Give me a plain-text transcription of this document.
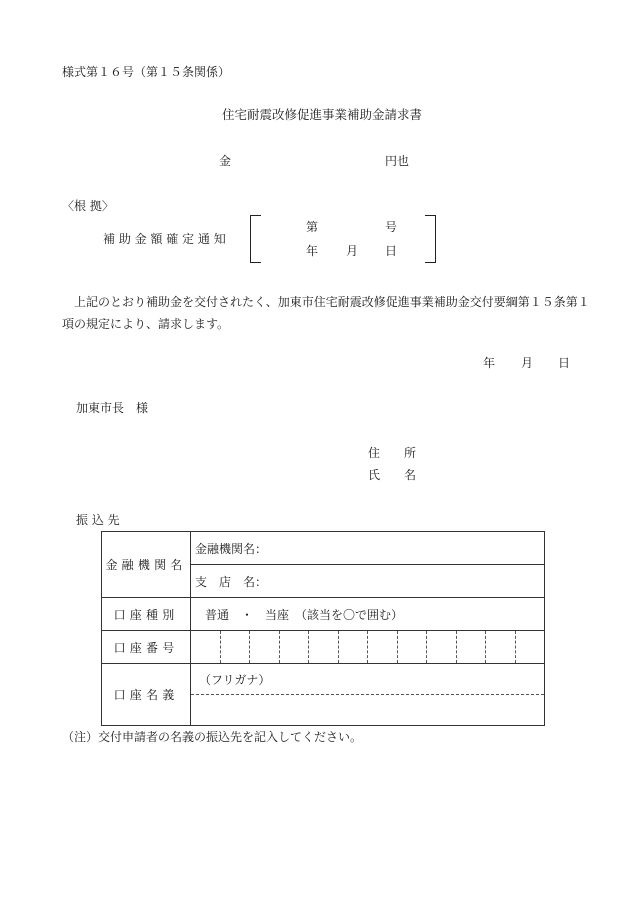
様式第１６号（第１５条関係）
住宅耐震改修促進事業補助金請求書
金	円也
〈根 拠〉
補 助 金 額 確 定 通 知
第	号
年 月 日
　上記のとおり補助金を交付されたく、加東市住宅耐震改修促進事業補助金交付要綱第１５条第１項の規定により、請求します。
年 月 日
加東市長　様
住　　所
氏　　名
振 込 先
金融機関名	金融機関名：
支　店　名：

口座種別	普通　・　当座　（該当を〇で囲む）

口座番号	

口座名義	（フリガナ）
（注）交付申請者の名義の振込先を記入してください。
